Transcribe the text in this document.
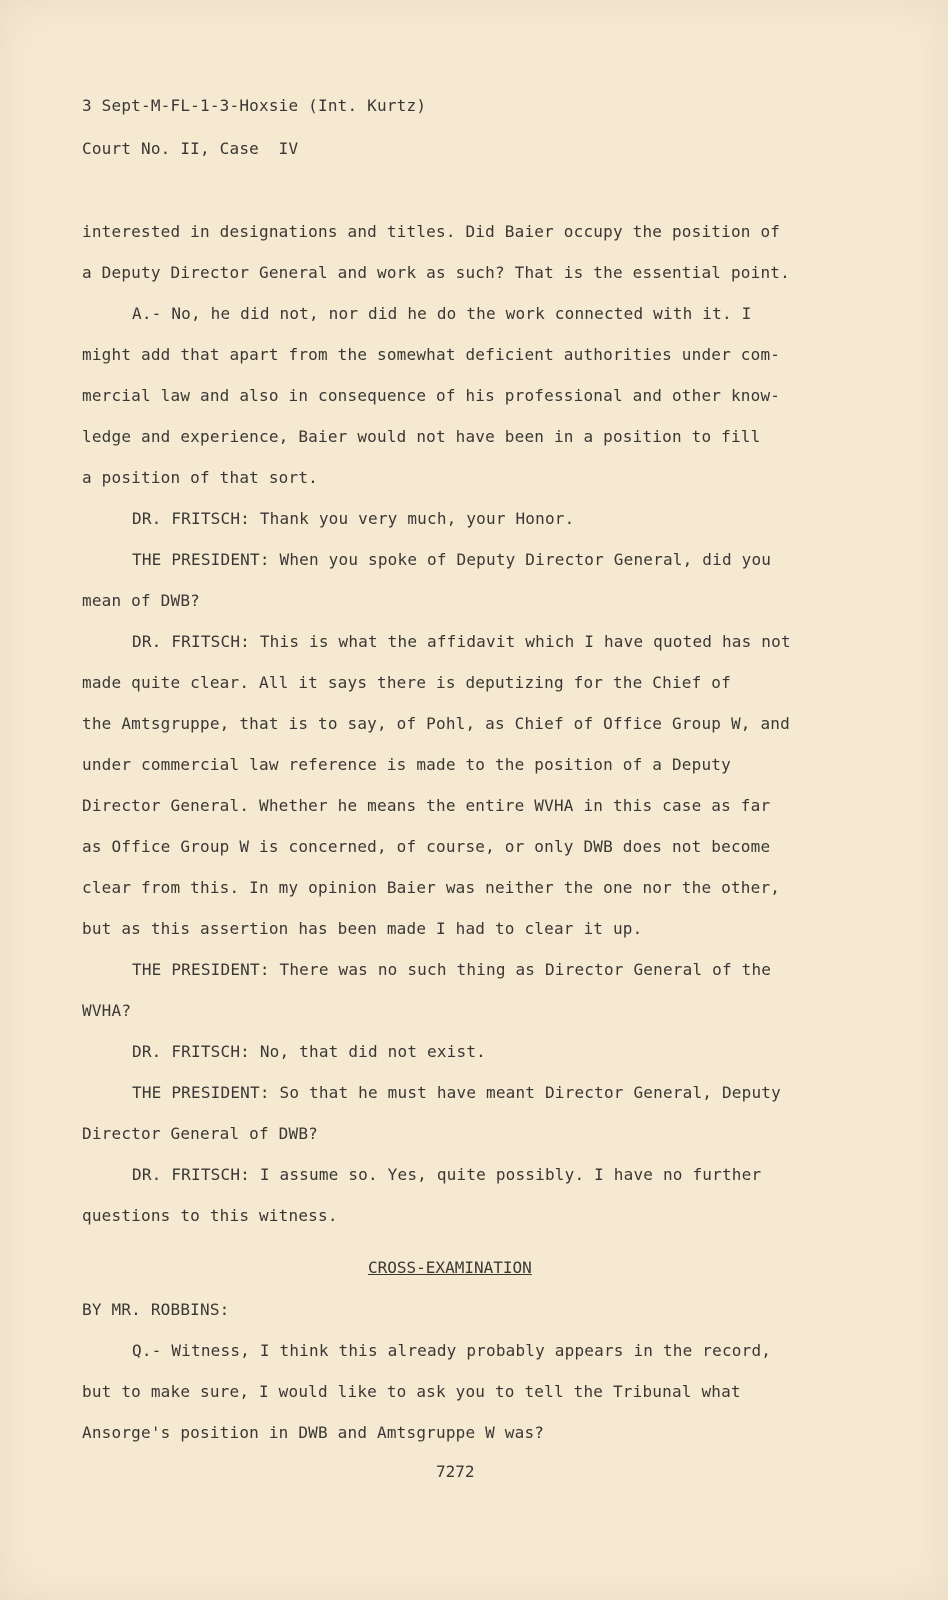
3 Sept-M-FL-1-3-Hoxsie (Int. Kurtz)
Court No. II, Case  IV
interested in designations and titles. Did Baier occupy the position of
a Deputy Director General and work as such? That is the essential point.
A.- No, he did not, nor did he do the work connected with it. I
might add that apart from the somewhat deficient authorities under com-
mercial law and also in consequence of his professional and other know-
ledge and experience, Baier would not have been in a position to fill
a position of that sort.
DR. FRITSCH: Thank you very much, your Honor.
THE PRESIDENT: When you spoke of Deputy Director General, did you
mean of DWB?
DR. FRITSCH: This is what the affidavit which I have quoted has not
made quite clear. All it says there is deputizing for the Chief of
the Amtsgruppe, that is to say, of Pohl, as Chief of Office Group W, and
under commercial law reference is made to the position of a Deputy
Director General. Whether he means the entire WVHA in this case as far
as Office Group W is concerned, of course, or only DWB does not become
clear from this. In my opinion Baier was neither the one nor the other,
but as this assertion has been made I had to clear it up.
THE PRESIDENT: There was no such thing as Director General of the
WVHA?
DR. FRITSCH: No, that did not exist.
THE PRESIDENT: So that he must have meant Director General, Deputy
Director General of DWB?
DR. FRITSCH: I assume so. Yes, quite possibly. I have no further
questions to this witness.
CROSS-EXAMINATION
BY MR. ROBBINS:
Q.- Witness, I think this already probably appears in the record,
but to make sure, I would like to ask you to tell the Tribunal what
Ansorge's position in DWB and Amtsgruppe W was?
7272
